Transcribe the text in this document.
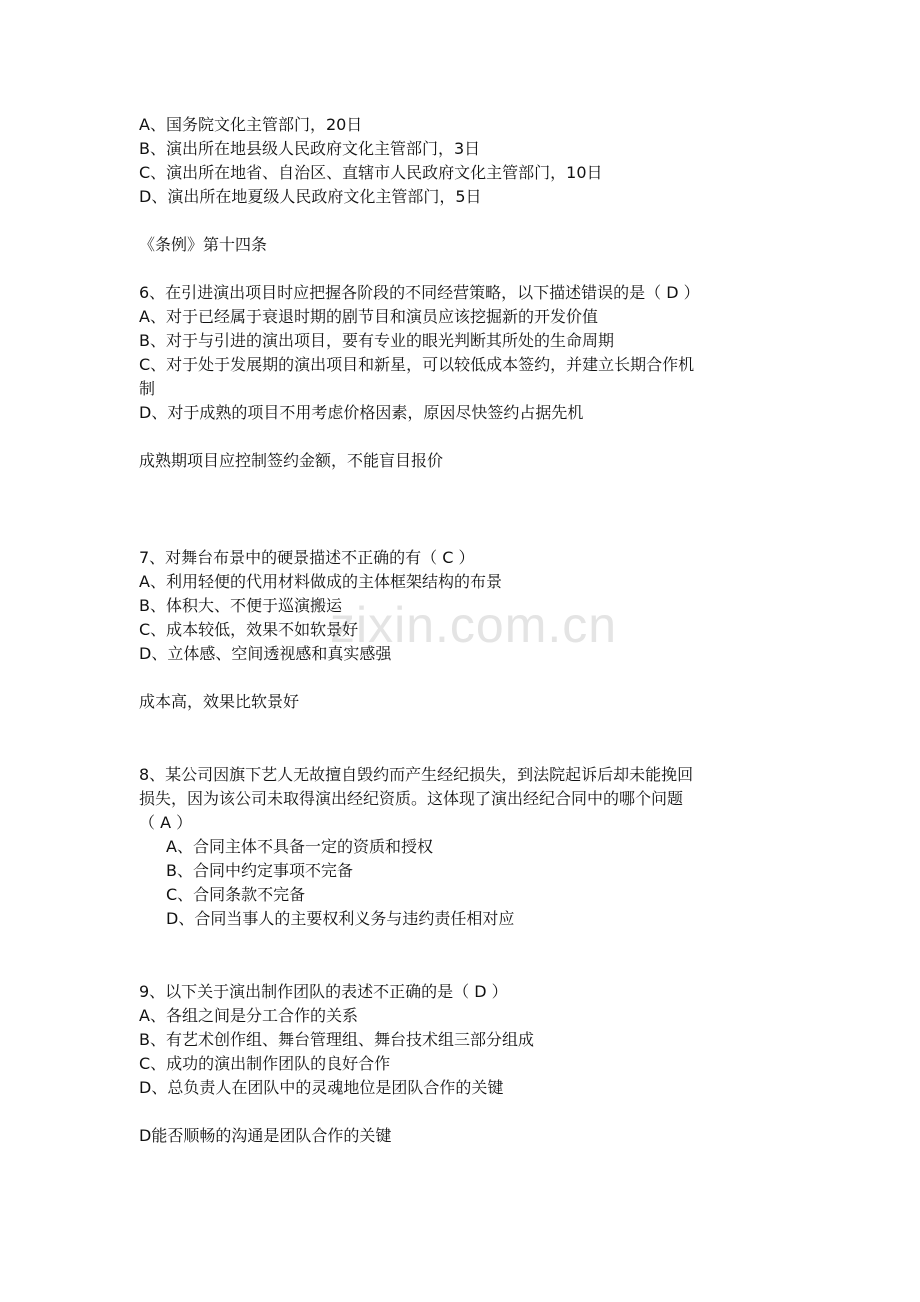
zixin.com.cn
A、国务院文化主管部门，20日
B、演出所在地县级人民政府文化主管部门，3日
C、演出所在地省、自治区、直辖市人民政府文化主管部门，10日
D、演出所在地夏级人民政府文化主管部门，5日
《条例》第十四条
6、在引进演出项目时应把握各阶段的不同经营策略，以下描述错误的是（ D ）
A、对于已经属于衰退时期的剧节目和演员应该挖掘新的开发价值
B、对于与引进的演出项目，要有专业的眼光判断其所处的生命周期
C、对于处于发展期的演出项目和新星，可以较低成本签约，并建立长期合作机
制
D、对于成熟的项目不用考虑价格因素，原因尽快签约占据先机
成熟期项目应控制签约金额，不能盲目报价
7、对舞台布景中的硬景描述不正确的有（ C ）
A、利用轻便的代用材料做成的主体框架结构的布景
B、体积大、不便于巡演搬运
C、成本较低，效果不如软景好
D、立体感、空间透视感和真实感强
成本高，效果比软景好
8、某公司因旗下艺人无故擅自毁约而产生经纪损失，到法院起诉后却未能挽回
损失，因为该公司未取得演出经纪资质。这体现了演出经纪合同中的哪个问题
（ A ）
A、合同主体不具备一定的资质和授权
B、合同中约定事项不完备
C、合同条款不完备
D、合同当事人的主要权利义务与违约责任相对应
9、以下关于演出制作团队的表述不正确的是（ D ）
A、各组之间是分工合作的关系
B、有艺术创作组、舞台管理组、舞台技术组三部分组成
C、成功的演出制作团队的良好合作
D、总负责人在团队中的灵魂地位是团队合作的关键
D能否顺畅的沟通是团队合作的关键
